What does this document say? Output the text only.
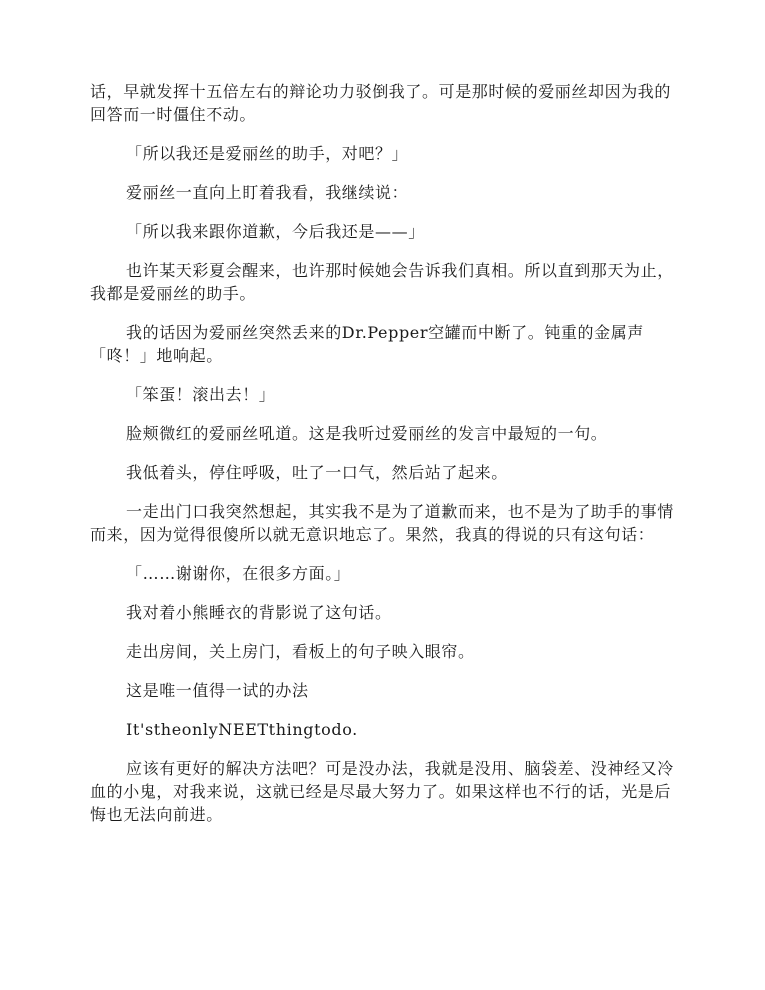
话，早就发挥十五倍左右的辩论功力驳倒我了。可是那时候的爱丽丝却因为我的回答而一时僵住不动。

「所以我还是爱丽丝的助手，对吧？」

爱丽丝一直向上盯着我看，我继续说：

「所以我来跟你道歉，今后我还是——」

也许某天彩夏会醒来，也许那时候她会告诉我们真相。所以直到那天为止，我都是爱丽丝的助手。

我的话因为爱丽丝突然丢来的Dr.Pepper空罐而中断了。钝重的金属声「咚！」地响起。

「笨蛋！滚出去！」

脸颊微红的爱丽丝吼道。这是我听过爱丽丝的发言中最短的一句。

我低着头，停住呼吸，吐了一口气，然后站了起来。

一走出门口我突然想起，其实我不是为了道歉而来，也不是为了助手的事情而来，因为觉得很傻所以就无意识地忘了。果然，我真的得说的只有这句话：

「……谢谢你，在很多方面。」

我对着小熊睡衣的背影说了这句话。

走出房间，关上房门，看板上的句子映入眼帘。

这是唯一值得一试的办法

It'stheonlyNEETthingtodo.

应该有更好的解决方法吧？可是没办法，我就是没用、脑袋差、没神经又冷血的小鬼，对我来说，这就已经是尽最大努力了。如果这样也不行的话，光是后悔也无法向前进。
